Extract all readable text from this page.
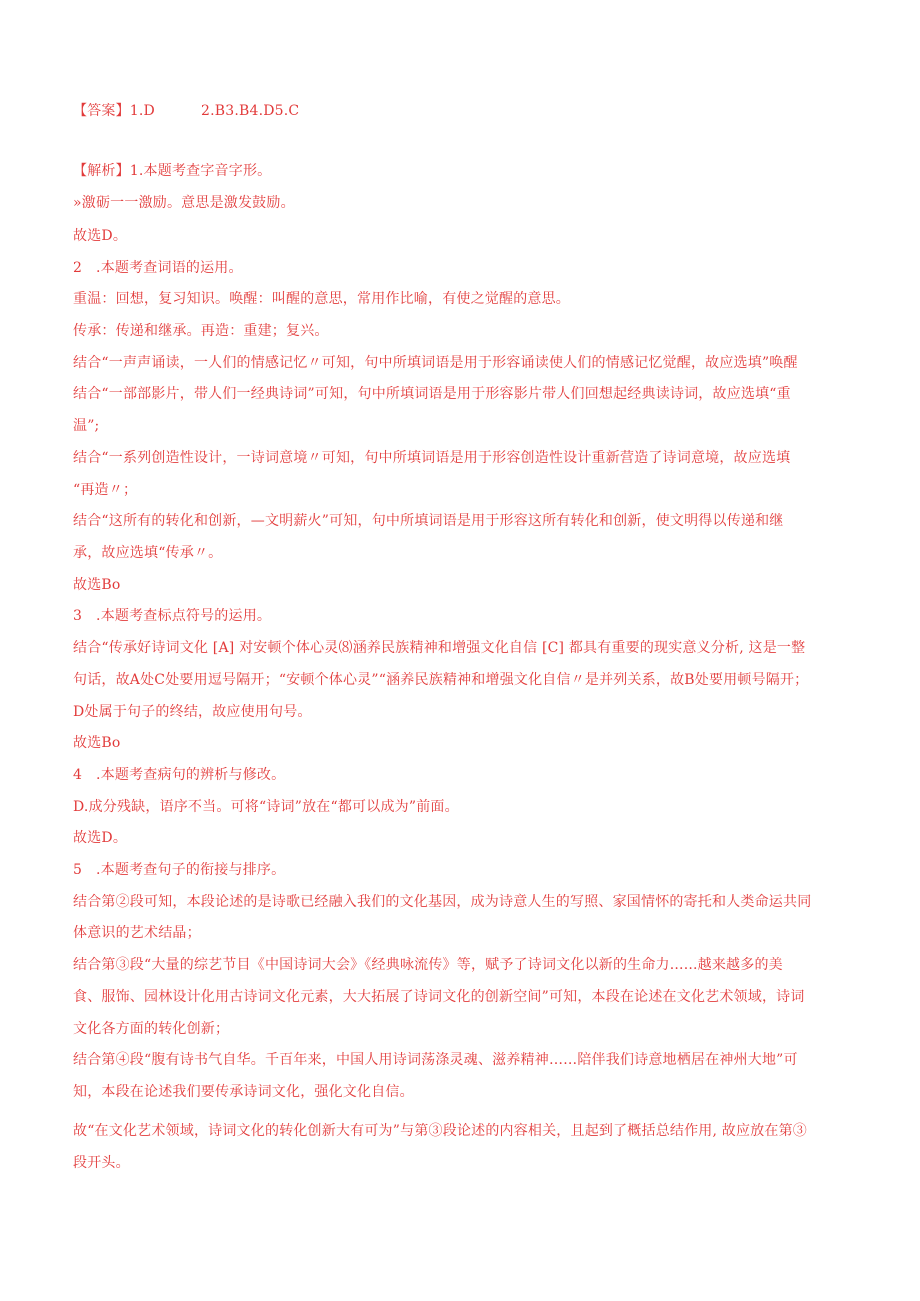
【答案】1.D	2.B3.B4.D5.C
【解析】1.本题考查字音字形。
»激砺一一激励。意思是激发鼓励。
故选D。
2   .本题考查词语的运用。
重温：回想，复习知识。唤醒：叫醒的意思，常用作比喻，有使之觉醒的意思。
传承：传递和继承。再造：重建；复兴。
结合“一声声诵读，一人们的情感记忆〃可知，句中所填词语是用于形容诵读使人们的情感记忆觉醒，故应选填”唤醒
结合“一部部影片，带人们一经典诗词”可知，句中所填词语是用于形容影片带人们回想起经典读诗词，故应选填“重
温”;
结合“一系列创造性设计，一诗词意境〃可知，句中所填词语是用于形容创造性设计重新营造了诗词意境，故应选填
“再造〃；
结合“这所有的转化和创新，—文明薪火”可知，句中所填词语是用于形容这所有转化和创新，使文明得以传递和继
承，故应选填“传承〃。
故选Bo
3   .本题考查标点符号的运用。
结合“传承好诗词文化 [A] 对安顿个体心灵⑻涵养民族精神和增强文化自信 [C] 都具有重要的现实意义分析, 这是一整
句话，故A处C处要用逗号隔开；“安顿个体心灵”“涵养民族精神和增强文化自信〃是并列关系，故B处要用顿号隔开；
D处属于句子的终结，故应使用句号。
故选Bo
4   .本题考查病句的辨析与修改。
D.成分残缺，语序不当。可将“诗词”放在“都可以成为”前面。
故选D。
5   .本题考查句子的衔接与排序。
结合第②段可知，本段论述的是诗歌已经融入我们的文化基因，成为诗意人生的写照、家国情怀的寄托和人类命运共同
体意识的艺术结晶；
结合第③段“大量的综艺节目《中国诗词大会》《经典咏流传》等，赋予了诗词文化以新的生命力......越来越多的美
食、服饰、园林设计化用古诗词文化元素，大大拓展了诗词文化的创新空间”可知，本段在论述在文化艺术领域，诗词
文化各方面的转化创新；
结合第④段“腹有诗书气自华。千百年来，中国人用诗词荡涤灵魂、滋养精神……陪伴我们诗意地栖居在神州大地”可
知，本段在论述我们要传承诗词文化，强化文化自信。
故“在文化艺术领域，诗词文化的转化创新大有可为”与第③段论述的内容相关，且起到了概括总结作用, 故应放在第③
段开头。
